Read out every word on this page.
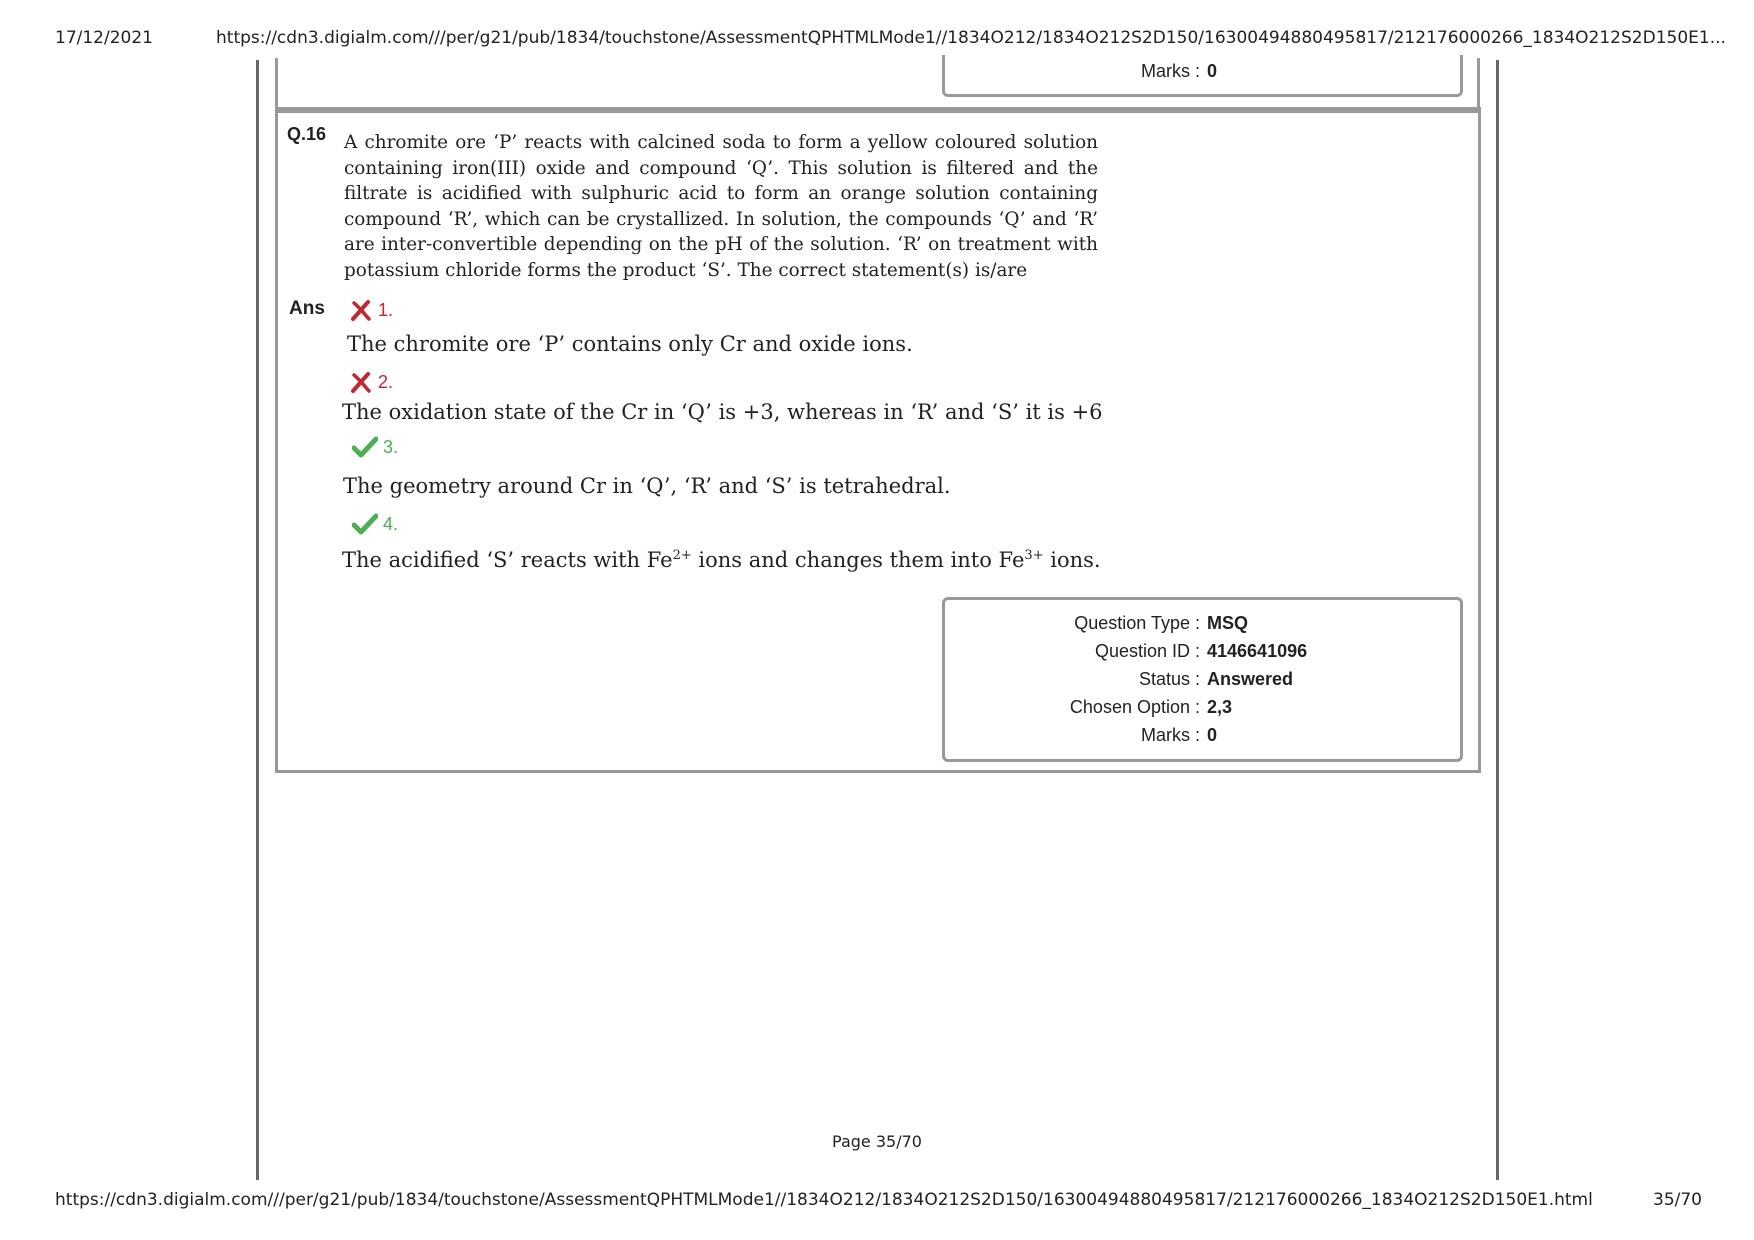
17/12/2021	https://cdn3.digialm.com///per/g21/pub/1834/touchstone/AssessmentQPHTMLMode1//1834O212/1834O212S2D150/16300494880495817/212176000266_1834O212S2D150E1...
Marks : 0
Q.16 A chromite ore ‘P’ reacts with calcined soda to form a yellow coloured solution containing iron(III) oxide and compound ‘Q’. This solution is filtered and the filtrate is acidified with sulphuric acid to form an orange solution containing compound ‘R’, which can be crystallized. In solution, the compounds ‘Q’ and ‘R’ are inter-convertible depending on the pH of the solution. ‘R’ on treatment with potassium chloride forms the product ‘S’. The correct statement(s) is/are
Ans	1.
The chromite ore ‘P’ contains only Cr and oxide ions.
2.
The oxidation state of the Cr in ‘Q’ is +3, whereas in ‘R’ and ‘S’ it is +6
3.
The geometry around Cr in ‘Q’, ‘R’ and ‘S’ is tetrahedral.
4.
The acidified ‘S’ reacts with $Fe^{2+}$ ions and changes them into $Fe^{3+}$ ions.
Question Type : MSQ
Question ID : 4146641096
Status : Answered
Chosen Option : 2,3
Marks : 0
Page 35/70
https://cdn3.digialm.com///per/g21/pub/1834/touchstone/AssessmentQPHTMLMode1//1834O212/1834O212S2D150/16300494880495817/212176000266_1834O212S2D150E1.html	35/70
